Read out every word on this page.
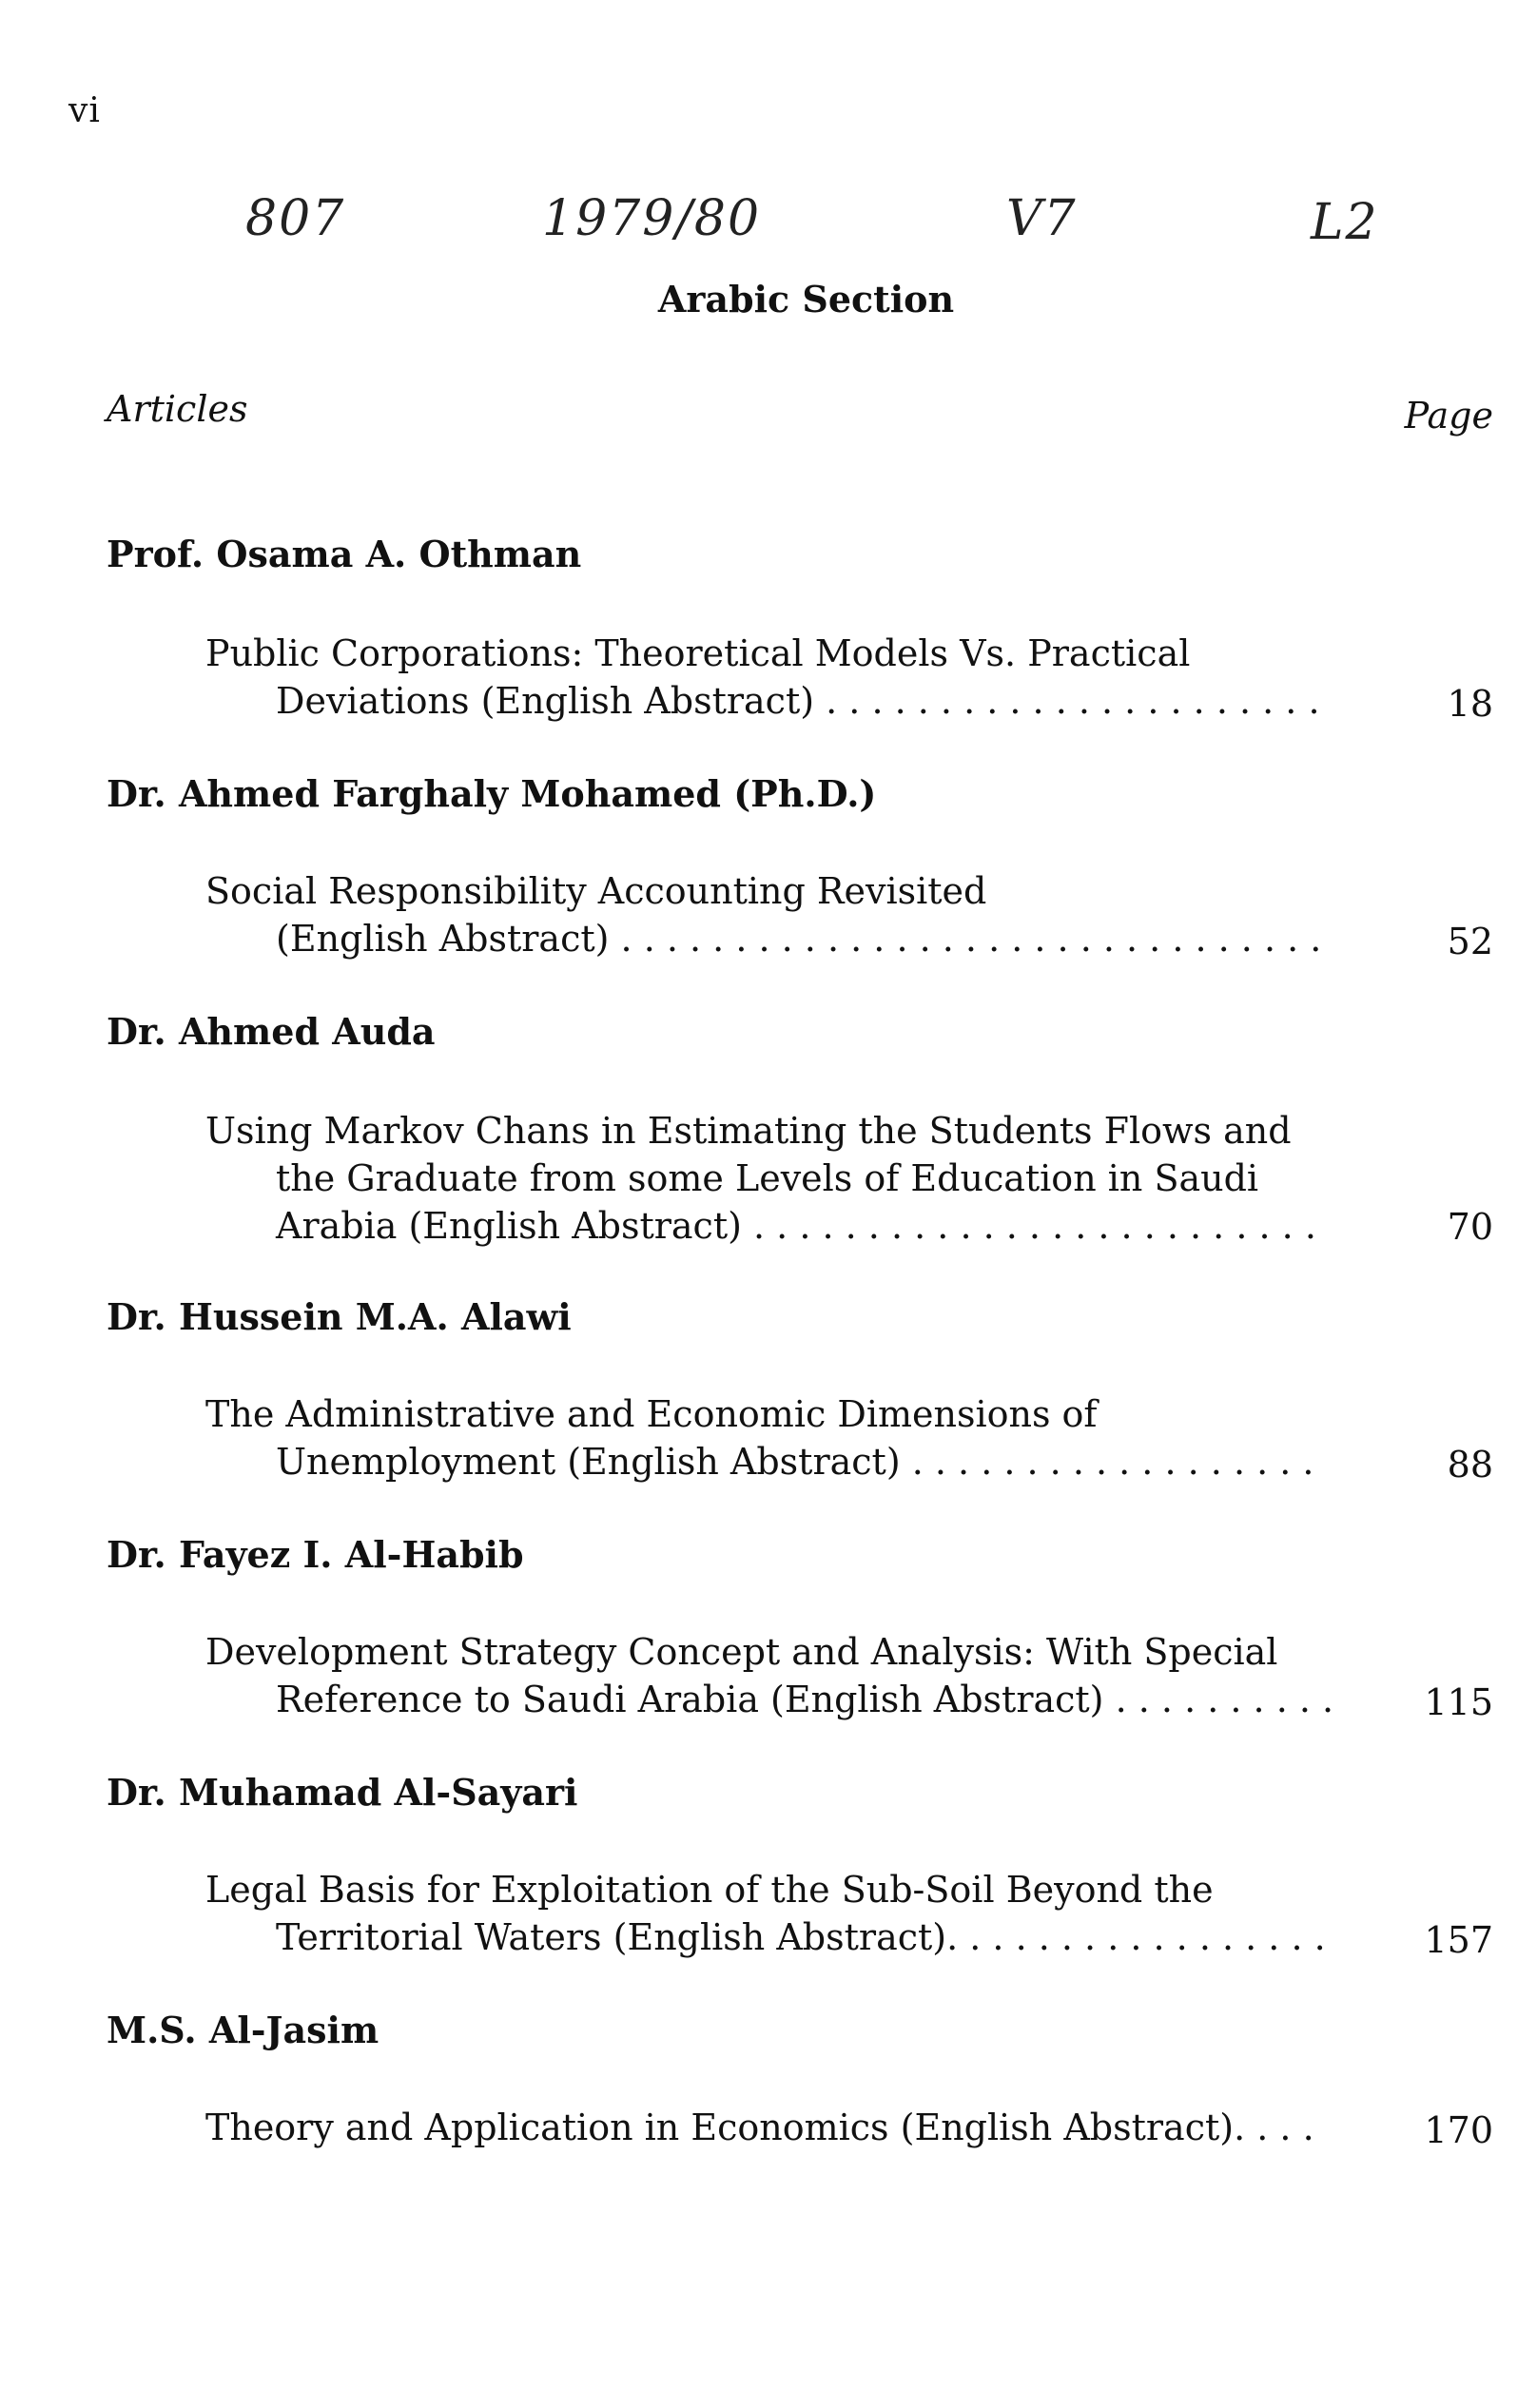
vi
807	1979/80	V7	L2
Arabic Section
Articles	Page
Prof. Osama A. Othman
Public Corporations: Theoretical Models Vs. Practical
Deviations (English Abstract) . . . . . . . . . . . . . . . . . . . . . .	18
Dr. Ahmed Farghaly Mohamed (Ph.D.)
Social Responsibility Accounting Revisited
(English Abstract) . . . . . . . . . . . . . . . . . . . . . . . . . . . . . . .	52
Dr. Ahmed Auda
Using Markov Chans in Estimating the Students Flows and
the Graduate from some Levels of Education in Saudi
Arabia (English Abstract) . . . . . . . . . . . . . . . . . . . . . . . . .	70
Dr. Hussein M.A. Alawi
The Administrative and Economic Dimensions of
Unemployment (English Abstract) . . . . . . . . . . . . . . . . . .	88
Dr. Fayez I. Al-Habib
Development Strategy Concept and Analysis: With Special
Reference to Saudi Arabia (English Abstract) . . . . . . . . . .	115
Dr. Muhamad Al-Sayari
Legal Basis for Exploitation of the Sub-Soil Beyond the
Territorial Waters (English Abstract). . . . . . . . . . . . . . . . .	157
M.S. Al-Jasim
Theory and Application in Economics (English Abstract). . . .	170
